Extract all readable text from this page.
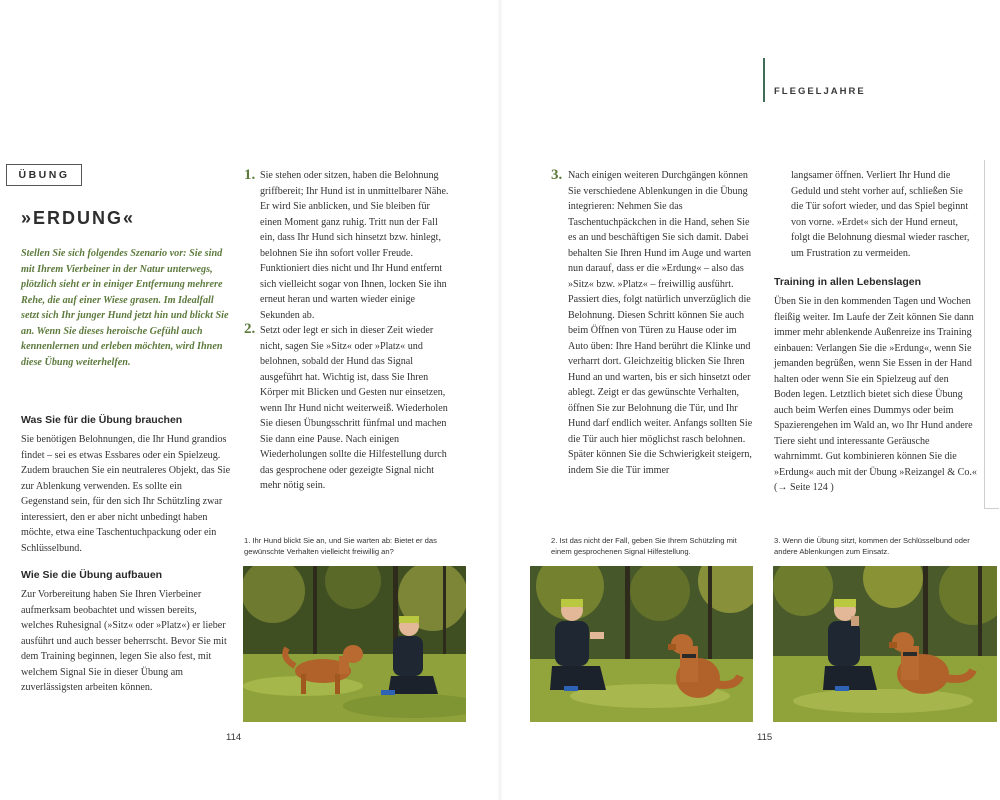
FLEGELJAHRE
ÜBUNG
»ERDUNG«
Stellen Sie sich folgendes Szenario vor: Sie sind mit Ihrem Vierbeiner in der Natur unterwegs, plötzlich sieht er in einiger Entfernung mehrere Rehe, die auf einer Wiese grasen. Im Idealfall setzt sich Ihr junger Hund jetzt hin und blickt Sie an. Wenn Sie dieses heroische Gefühl auch kennenlernen und erleben möchten, wird Ihnen diese Übung weiterhelfen.
Was Sie für die Übung brauchen
Sie benötigen Belohnungen, die Ihr Hund grandios findet – sei es etwas Essbares oder ein Spielzeug. Zudem brauchen Sie ein neutraleres Objekt, das Sie zur Ablenkung verwenden. Es sollte ein Gegenstand sein, für den sich Ihr Schützling zwar interessiert, den er aber nicht unbedingt haben möchte, etwa eine Taschentuchpackung oder ein Schlüsselbund.
Wie Sie die Übung aufbauen
Zur Vorbereitung haben Sie Ihren Vierbeiner aufmerksam beobachtet und wissen bereits, welches Ruhesignal (»Sitz« oder »Platz«) er lieber ausführt und auch besser beherrscht. Bevor Sie mit dem Training beginnen, legen Sie also fest, mit welchem Signal Sie in dieser Übung am zuverlässigsten arbeiten können.
1. Sie stehen oder sitzen, haben die Belohnung griffbereit; Ihr Hund ist in unmittelbarer Nähe. Er wird Sie anblicken, und Sie bleiben für einen Moment ganz ruhig. Tritt nun der Fall ein, dass Ihr Hund sich hinsetzt bzw. hinlegt, belohnen Sie ihn sofort voller Freude. Funktioniert dies nicht und Ihr Hund entfernt sich vielleicht sogar von Ihnen, locken Sie ihn erneut heran und warten wieder einige Sekunden ab.
2. Setzt oder legt er sich in dieser Zeit wieder nicht, sagen Sie »Sitz« oder »Platz« und belohnen, sobald der Hund das Signal ausgeführt hat. Wichtig ist, dass Sie Ihren Körper mit Blicken und Gesten nur einsetzen, wenn Ihr Hund nicht weiterweiß. Wiederholen Sie diesen Übungsschritt fünfmal und machen Sie dann eine Pause. Nach einigen Wiederholungen sollte die Hilfestellung durch das gesprochene oder gezeigte Signal nicht mehr nötig sein.
3. Nach einigen weiteren Durchgängen können Sie verschiedene Ablenkungen in die Übung integrieren: Nehmen Sie das Taschentuchpäckchen in die Hand, sehen Sie es an und beschäftigen Sie sich damit. Dabei behalten Sie Ihren Hund im Auge und warten nun darauf, dass er die »Erdung« – also das »Sitz« bzw. »Platz« – freiwillig ausführt. Passiert dies, folgt natürlich unverzüglich die Belohnung. Diesen Schritt können Sie auch beim Öffnen von Türen zu Hause oder im Auto üben: Ihre Hand berührt die Klinke und verharrt dort. Gleichzeitig blicken Sie Ihren Hund an und warten, bis er sich hinsetzt oder ablegt. Zeigt er das gewünschte Verhalten, öffnen Sie zur Belohnung die Tür, und Ihr Hund darf endlich weiter. Anfangs sollten Sie die Tür auch hier möglichst rasch belohnen. Später können Sie die Schwierigkeit steigern, indem Sie die Tür immer
langsamer öffnen. Verliert Ihr Hund die Geduld und steht vorher auf, schließen Sie die Tür sofort wieder, und das Spiel beginnt von vorne. »Erdet« sich der Hund erneut, folgt die Belohnung diesmal wieder rascher, um Frustration zu vermeiden.
Training in allen Lebenslagen
Üben Sie in den kommenden Tagen und Wochen fleißig weiter. Im Laufe der Zeit können Sie dann immer mehr ablenkende Außenreize ins Training einbauen: Verlangen Sie die »Erdung«, wenn Sie jemanden begrüßen, wenn Sie Essen in der Hand halten oder wenn Sie ein Spielzeug auf den Boden legen. Letztlich bietet sich diese Übung auch beim Werfen eines Dummys oder beim Spazierengehen im Wald an, wo Ihr Hund andere Tiere sieht und interessante Geräusche wahrnimmt. Gut kombinieren können Sie die »Erdung« auch mit der Übung »Reizangel & Co.« (→ Seite 124 )
1. Ihr Hund blickt Sie an, und Sie warten ab: Bietet er das gewünschte Verhalten vielleicht freiwillig an?
2. Ist das nicht der Fall, geben Sie Ihrem Schützling mit einem gesprochenen Signal Hilfestellung.
3. Wenn die Übung sitzt, kommen der Schlüsselbund oder andere Ablenkungen zum Einsatz.
114	115
